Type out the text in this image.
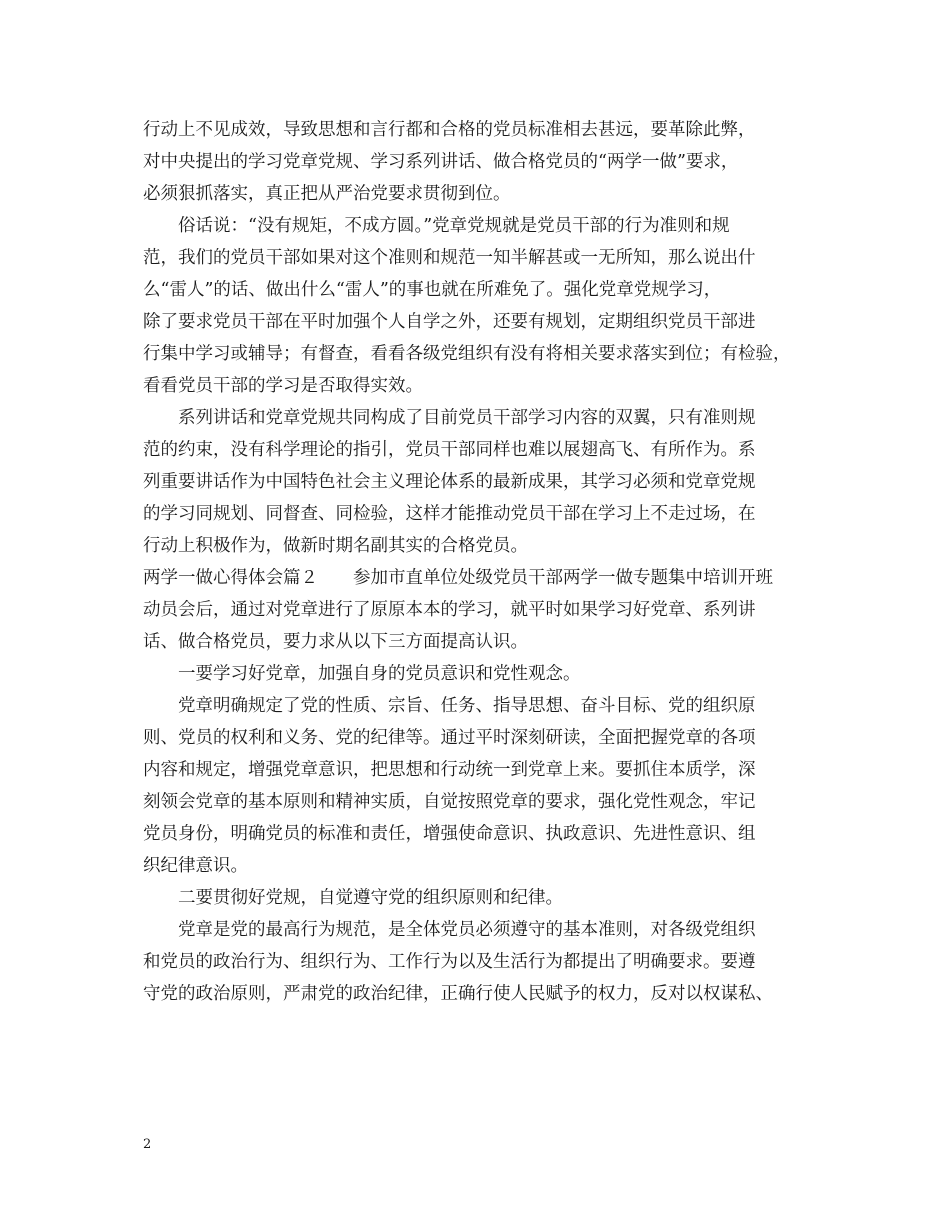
行动上不见成效，导致思想和言行都和合格的党员标准相去甚远，要革除此弊，
对中央提出的学习党章党规、学习系列讲话、做合格党员的“两学一做”要求，
必须狠抓落实，真正把从严治党要求贯彻到位。
　　俗话说：“没有规矩，不成方圆。”党章党规就是党员干部的行为准则和规
范，我们的党员干部如果对这个准则和规范一知半解甚或一无所知，那么说出什
么“雷人”的话、做出什么“雷人”的事也就在所难免了。强化党章党规学习，
除了要求党员干部在平时加强个人自学之外，还要有规划，定期组织党员干部进
行集中学习或辅导；有督查，看看各级党组织有没有将相关要求落实到位；有检验，
看看党员干部的学习是否取得实效。
　　系列讲话和党章党规共同构成了目前党员干部学习内容的双翼，只有准则规
范的约束，没有科学理论的指引，党员干部同样也难以展翅高飞、有所作为。系
列重要讲话作为中国特色社会主义理论体系的最新成果，其学习必须和党章党规
的学习同规划、同督查、同检验，这样才能推动党员干部在学习上不走过场，在
行动上积极作为，做新时期名副其实的合格党员。
两学一做心得体会篇２　　参加市直单位处级党员干部两学一做专题集中培训开班
动员会后，通过对党章进行了原原本本的学习，就平时如果学习好党章、系列讲
话、做合格党员，要力求从以下三方面提高认识。
　　一要学习好党章，加强自身的党员意识和党性观念。
　　党章明确规定了党的性质、宗旨、任务、指导思想、奋斗目标、党的组织原
则、党员的权利和义务、党的纪律等。通过平时深刻研读，全面把握党章的各项
内容和规定，增强党章意识，把思想和行动统一到党章上来。要抓住本质学，深
刻领会党章的基本原则和精神实质，自觉按照党章的要求，强化党性观念，牢记
党员身份，明确党员的标准和责任，增强使命意识、执政意识、先进性意识、组
织纪律意识。
　　二要贯彻好党规，自觉遵守党的组织原则和纪律。
　　党章是党的最高行为规范，是全体党员必须遵守的基本准则，对各级党组织
和党员的政治行为、组织行为、工作行为以及生活行为都提出了明确要求。要遵
守党的政治原则，严肃党的政治纪律，正确行使人民赋予的权力，反对以权谋私、
2
